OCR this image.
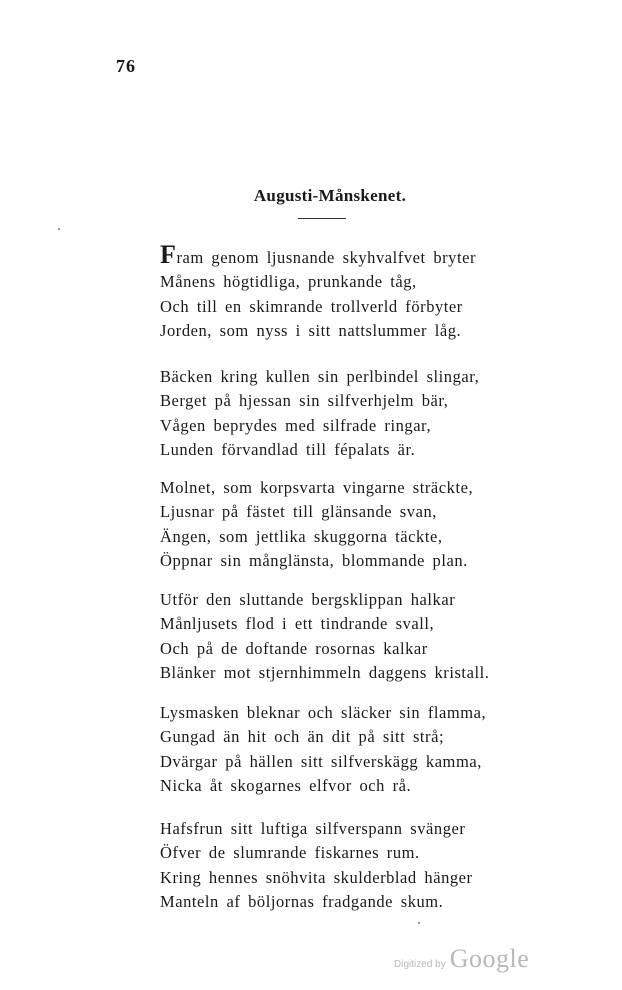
76
Augusti-Månskenet.
Fram genom ljusnande skyhvalfvet bryter
Månens högtidliga, prunkande tåg,
Och till en skimrande trollverld förbyter
Jorden, som nyss i sitt nattslummer låg.
Bäcken kring kullen sin perlbindel slingar,
Berget på hjessan sin silfverhjelm bär,
Vågen beprydes med silfrade ringar,
Lunden förvandlad till fépalats är.
Molnet, som korpsvarta vingarne sträckte,
Ljusnar på fästet till glänsande svan,
Ängen, som jettlika skuggorna täckte,
Öppnar sin månglänsta, blommande plan.
Utför den sluttande bergsklippan halkar
Månljusets flod i ett tindrande svall,
Och på de doftande rosornas kalkar
Blänker mot stjernhimmeln daggens kristall.
Lysmasken bleknar och släcker sin flamma,
Gungad än hit och än dit på sitt strå;
Dvärgar på hällen sitt silfverskägg kamma,
Nicka åt skogarnes elfvor och rå.
Hafsfrun sitt luftiga silfverspann svänger
Öfver de slumrande fiskarnes rum.
Kring hennes snöhvita skulderblad hänger
Manteln af böljornas fradgande skum.
Digitized by Google
